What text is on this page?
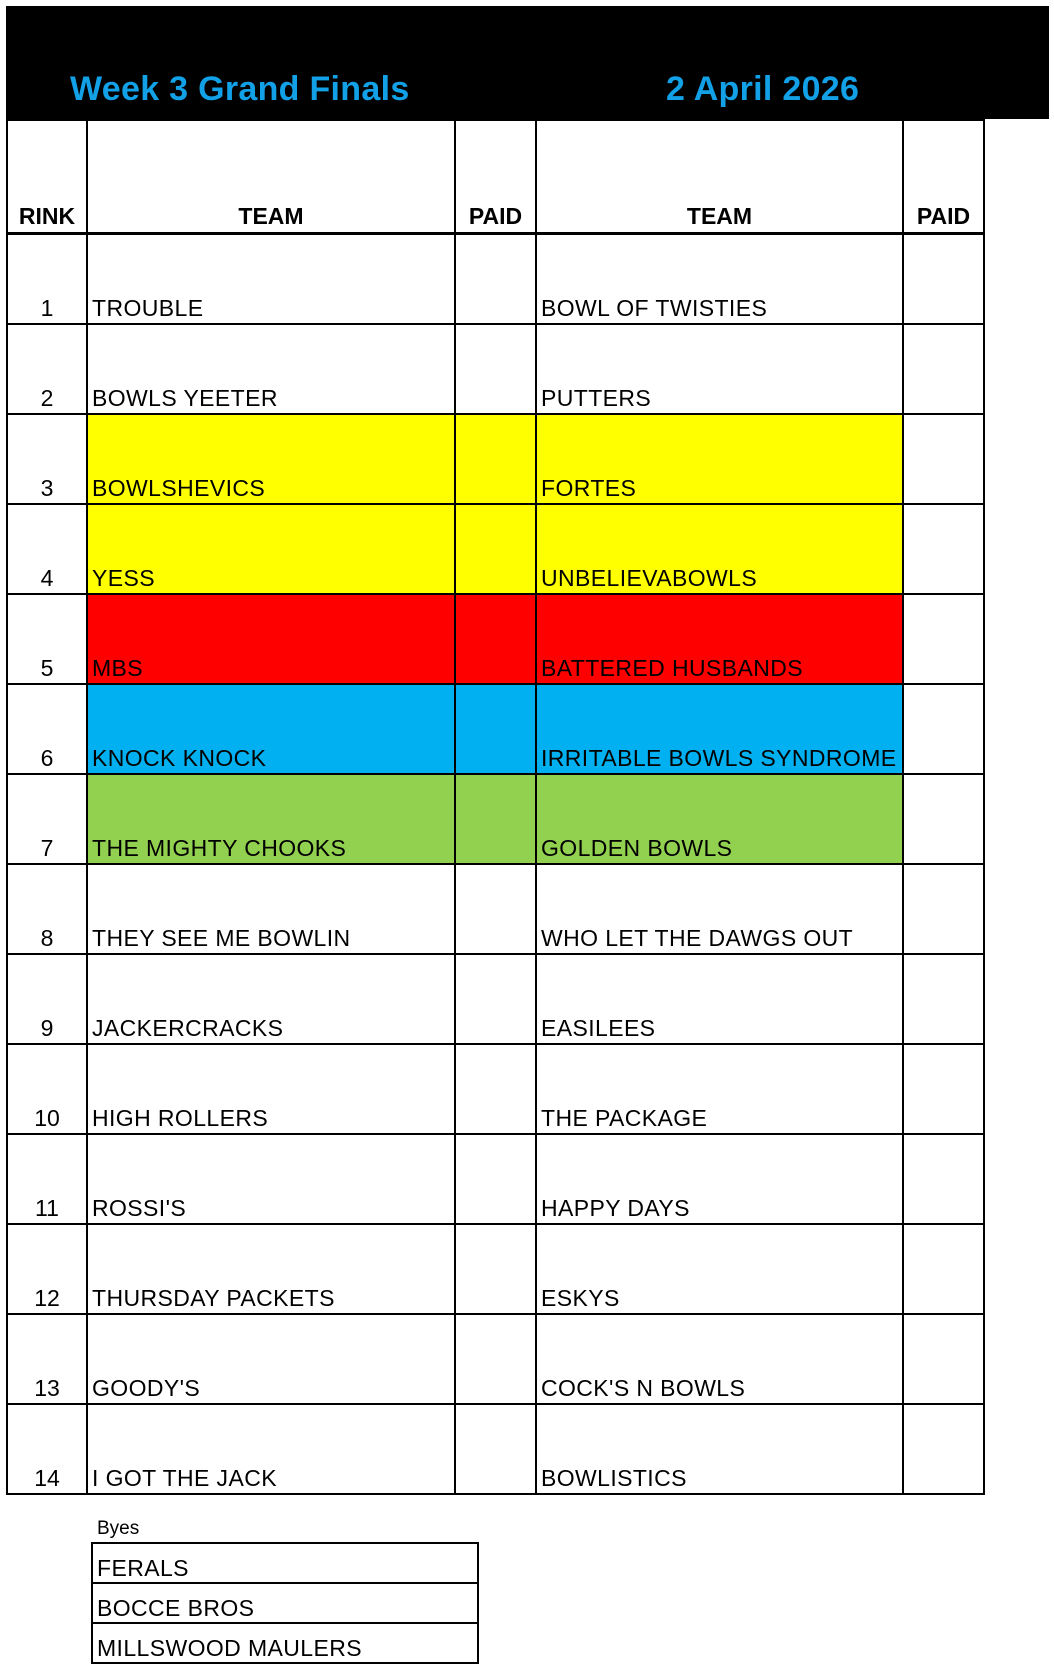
Week 3 Grand Finals	2 April 2026
RINK	TEAM	PAID	TEAM	PAID
1	TROUBLE		BOWL OF TWISTIES	
2	BOWLS YEETER		PUTTERS	
3	BOWLSHEVICS		FORTES	
4	YESS		UNBELIEVABOWLS	
5	MBS		BATTERED HUSBANDS	
6	KNOCK KNOCK		IRRITABLE BOWLS SYNDROME	
7	THE MIGHTY CHOOKS		GOLDEN BOWLS	
8	THEY SEE ME BOWLIN		WHO LET THE DAWGS OUT	
9	JACKERCRACKS		EASILEES	
10	HIGH ROLLERS		THE PACKAGE	
11	ROSSI'S		HAPPY DAYS	
12	THURSDAY PACKETS		ESKYS	
13	GOODY'S		COCK'S N BOWLS	
14	I GOT THE JACK		BOWLISTICS	
Byes
FERALS
BOCCE BROS
MILLSWOOD MAULERS
